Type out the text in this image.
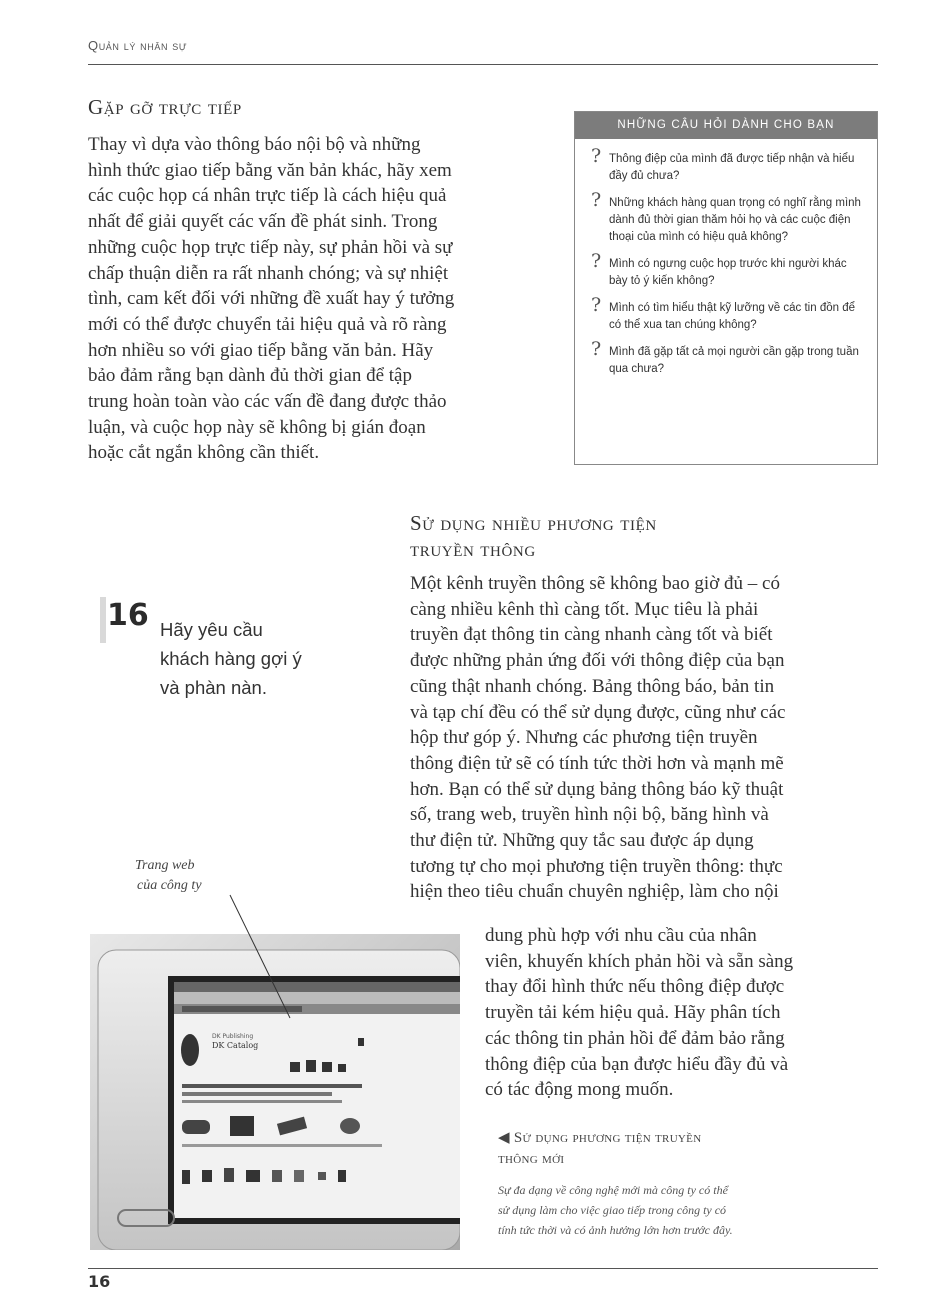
Quản lý nhân sự
Gặp gỡ trực tiếp
Thay vì dựa vào thông báo nội bộ và những
hình thức giao tiếp bằng văn bản khác, hãy xem
các cuộc họp cá nhân trực tiếp là cách hiệu quả
nhất để giải quyết các vấn đề phát sinh. Trong
những cuộc họp trực tiếp này, sự phản hồi và sự
chấp thuận diễn ra rất nhanh chóng; và sự nhiệt
tình, cam kết đối với những đề xuất hay ý tưởng
mới có thể được chuyển tải hiệu quả và rõ ràng
hơn nhiều so với giao tiếp bằng văn bản. Hãy
bảo đảm rằng bạn dành đủ thời gian để tập
trung hoàn toàn vào các vấn đề đang được thảo
luận, và cuộc họp này sẽ không bị gián đoạn
hoặc cắt ngắn không cần thiết.
NHỮNG CÂU HỎI DÀNH CHO BẠN
? Thông điệp của mình đã được tiếp nhận và hiểu đầy đủ chưa?
? Những khách hàng quan trọng có nghĩ rằng mình dành đủ thời gian thăm hỏi họ và các cuộc điện thoại của mình có hiệu quả không?
? Mình có ngưng cuộc họp trước khi người khác bày tỏ ý kiến không?
? Mình có tìm hiểu thật kỹ lưỡng về các tin đồn để có thể xua tan chúng không?
? Mình đã gặp tất cả mọi người cần gặp trong tuần qua chưa?
Sử dụng nhiều phương tiện
truyền thông
Một kênh truyền thông sẽ không bao giờ đủ – có
càng nhiều kênh thì càng tốt. Mục tiêu là phải
truyền đạt thông tin càng nhanh càng tốt và biết
được những phản ứng đối với thông điệp của bạn
cũng thật nhanh chóng. Bảng thông báo, bản tin
và tạp chí đều có thể sử dụng được, cũng như các
hộp thư góp ý. Nhưng các phương tiện truyền
thông điện tử sẽ có tính tức thời hơn và mạnh mẽ
hơn. Bạn có thể sử dụng bảng thông báo kỹ thuật
số, trang web, truyền hình nội bộ, băng hình và
thư điện tử. Những quy tắc sau được áp dụng
tương tự cho mọi phương tiện truyền thông: thực
hiện theo tiêu chuẩn chuyên nghiệp, làm cho nội
dung phù hợp với nhu cầu của nhân
viên, khuyến khích phản hồi và sẵn sàng
thay đổi hình thức nếu thông điệp được
truyền tải kém hiệu quả. Hãy phân tích
các thông tin phản hồi để đảm bảo rằng
thông điệp của bạn được hiểu đầy đủ và
có tác động mong muốn.
16 Hãy yêu cầu
khách hàng gợi ý
và phàn nàn.
Trang web
của công ty
DK Publishing
DK Catalog
◀ Sử dụng phương tiện truyền
thông mới
Sự đa dạng về công nghệ mới mà công ty có thể
sử dụng làm cho việc giao tiếp trong công ty có
tính tức thời và có ảnh hưởng lớn hơn trước đây.
16
